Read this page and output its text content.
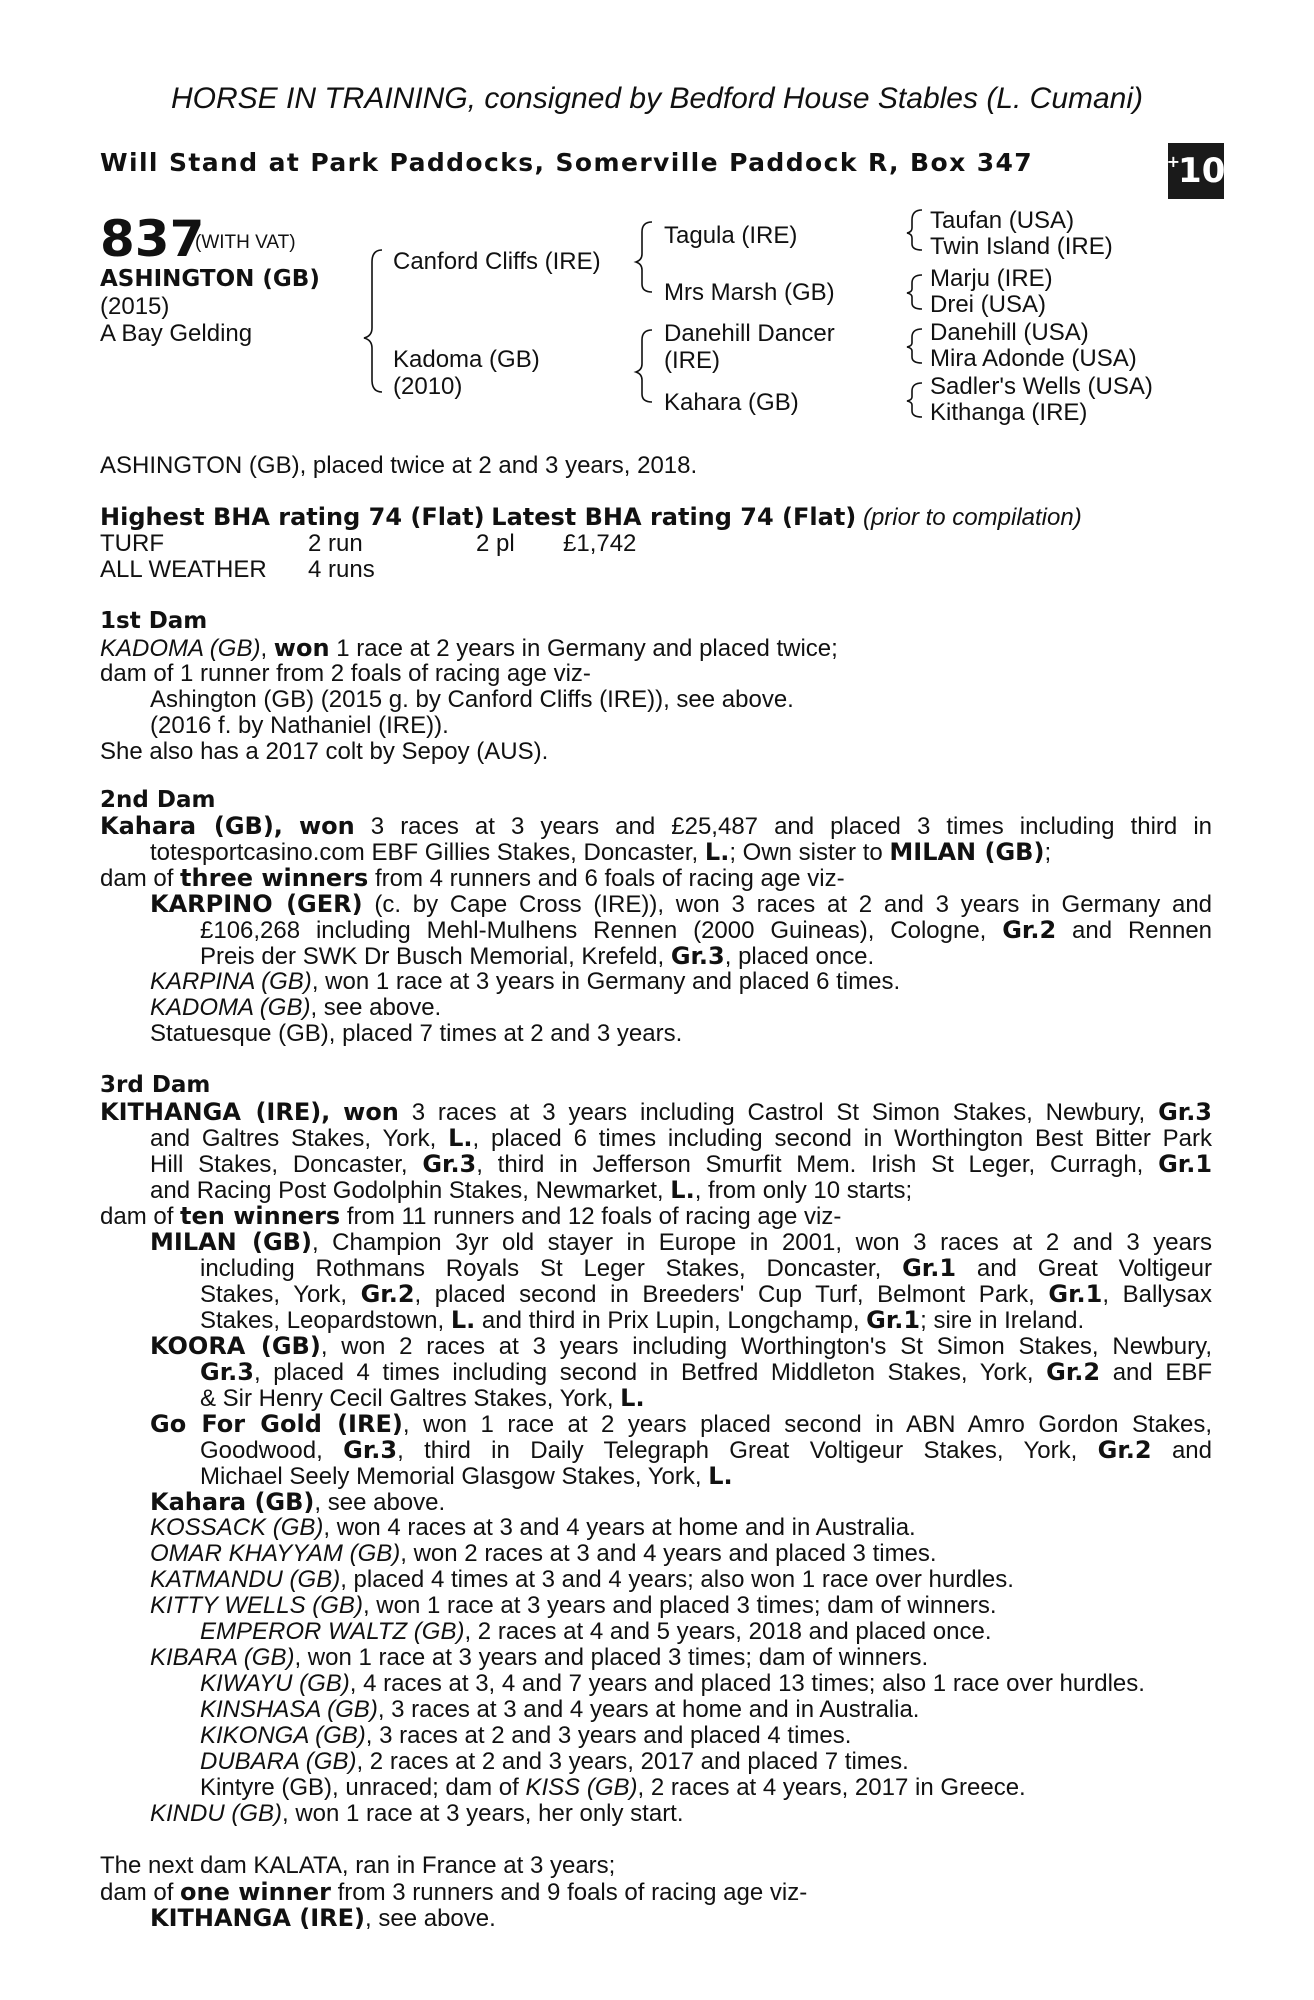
HORSE IN TRAINING, consigned by Bedford House Stables (L. Cumani)
Will Stand at Park Paddocks, Somerville Paddock R, Box 347	+
10
837
(WITH VAT)
ASHINGTON (GB)
(2015)
A Bay Gelding
Canford Cliffs (IRE)
Kadoma (GB)
(2010)
Tagula (IRE)
Mrs Marsh (GB)
Danehill Dancer
(IRE)
Kahara (GB)
Taufan (USA)
Twin Island (IRE)
Marju (IRE)
Drei (USA)
Danehill (USA)
Mira Adonde (USA)
Sadler's Wells (USA)
Kithanga (IRE)
ASHINGTON (GB), placed twice at 2 and 3 years, 2018.
Highest BHA rating 74 (Flat) Latest BHA rating 74 (Flat) (prior to compilation)
TURF	2 run	2 pl £1,742
ALL WEATHER 4 runs
1st Dam
KADOMA (GB), won 1 race at 2 years in Germany and placed twice;
dam of 1 runner from 2 foals of racing age viz-
Ashington (GB) (2015 g. by Canford Cliffs (IRE)), see above.
(2016 f. by Nathaniel (IRE)).
She also has a 2017 colt by Sepoy (AUS).
2nd Dam
Kahara (GB), won 3 races at 3 years and £25,487 and placed 3 times including third in
totesportcasino.com EBF Gillies Stakes, Doncaster, L.; Own sister to MILAN (GB);
dam of three winners from 4 runners and 6 foals of racing age viz-
KARPINO (GER) (c. by Cape Cross (IRE)), won 3 races at 2 and 3 years in Germany and
£106,268 including Mehl-Mulhens Rennen (2000 Guineas), Cologne, Gr.2 and Rennen
Preis der SWK Dr Busch Memorial, Krefeld, Gr.3, placed once.
KARPINA (GB), won 1 race at 3 years in Germany and placed 6 times.
KADOMA (GB), see above.
Statuesque (GB), placed 7 times at 2 and 3 years.
3rd Dam
KITHANGA (IRE), won 3 races at 3 years including Castrol St Simon Stakes, Newbury, Gr.3
and Galtres Stakes, York, L., placed 6 times including second in Worthington Best Bitter Park
Hill Stakes, Doncaster, Gr.3, third in Jefferson Smurfit Mem. Irish St Leger, Curragh, Gr.1
and Racing Post Godolphin Stakes, Newmarket, L., from only 10 starts;
dam of ten winners from 11 runners and 12 foals of racing age viz-
MILAN (GB), Champion 3yr old stayer in Europe in 2001, won 3 races at 2 and 3 years
including Rothmans Royals St Leger Stakes, Doncaster, Gr.1 and Great Voltigeur
Stakes, York, Gr.2, placed second in Breeders' Cup Turf, Belmont Park, Gr.1, Ballysax
Stakes, Leopardstown, L. and third in Prix Lupin, Longchamp, Gr.1; sire in Ireland.
KOORA (GB), won 2 races at 3 years including Worthington's St Simon Stakes, Newbury,
Gr.3, placed 4 times including second in Betfred Middleton Stakes, York, Gr.2 and EBF
& Sir Henry Cecil Galtres Stakes, York, L.
Go For Gold (IRE), won 1 race at 2 years placed second in ABN Amro Gordon Stakes,
Goodwood, Gr.3, third in Daily Telegraph Great Voltigeur Stakes, York, Gr.2 and
Michael Seely Memorial Glasgow Stakes, York, L.
Kahara (GB), see above.
KOSSACK (GB), won 4 races at 3 and 4 years at home and in Australia.
OMAR KHAYYAM (GB), won 2 races at 3 and 4 years and placed 3 times.
KATMANDU (GB), placed 4 times at 3 and 4 years; also won 1 race over hurdles.
KITTY WELLS (GB), won 1 race at 3 years and placed 3 times; dam of winners.
EMPEROR WALTZ (GB), 2 races at 4 and 5 years, 2018 and placed once.
KIBARA (GB), won 1 race at 3 years and placed 3 times; dam of winners.
KIWAYU (GB), 4 races at 3, 4 and 7 years and placed 13 times; also 1 race over hurdles.
KINSHASA (GB), 3 races at 3 and 4 years at home and in Australia.
KIKONGA (GB), 3 races at 2 and 3 years and placed 4 times.
DUBARA (GB), 2 races at 2 and 3 years, 2017 and placed 7 times.
Kintyre (GB), unraced; dam of KISS (GB), 2 races at 4 years, 2017 in Greece.
KINDU (GB), won 1 race at 3 years, her only start.
The next dam KALATA, ran in France at 3 years;
dam of one winner from 3 runners and 9 foals of racing age viz-
KITHANGA (IRE), see above.
